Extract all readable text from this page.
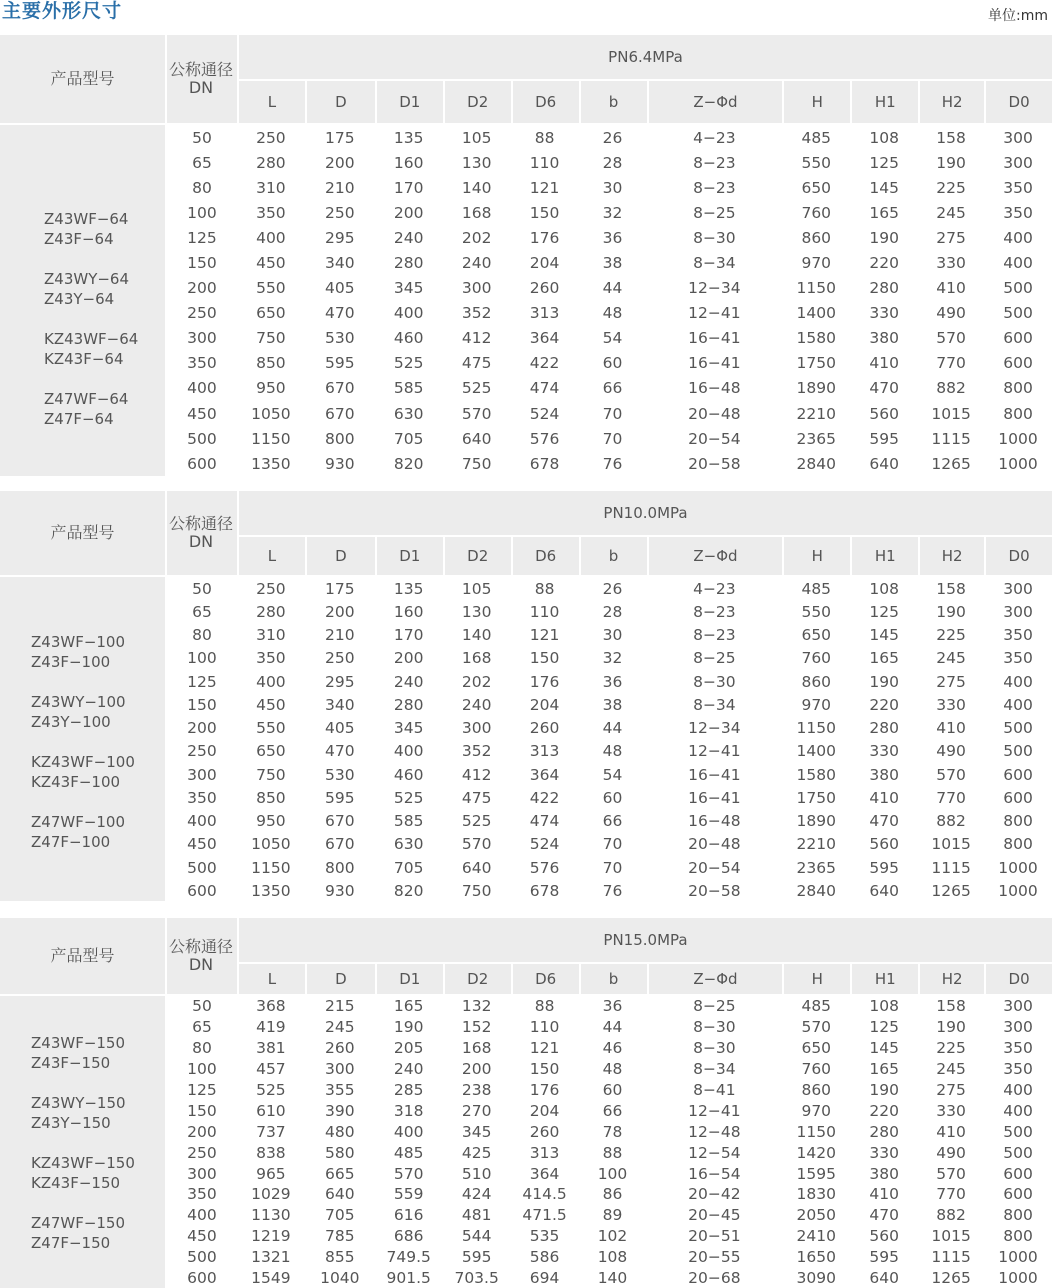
主要外形尺寸	单位:mm
产品型号	公称通径
DN
PN6.4MPa
L	D	D1	D2	D6	b	Z−Φd	H	H1	H2	D0
Z43WF−64
Z43F−64
Z43WY−64
Z43Y−64
KZ43WF−64
KZ43F−64
Z47WF−64
Z47F−64
50	250	175	135	105	88	26	4−23	485	108	158	300
65	280	200	160	130	110	28	8−23	550	125	190	300
80	310	210	170	140	121	30	8−23	650	145	225	350
100	350	250	200	168	150	32	8−25	760	165	245	350
125	400	295	240	202	176	36	8−30	860	190	275	400
150	450	340	280	240	204	38	8−34	970	220	330	400
200	550	405	345	300	260	44	12−34	1150	280	410	500
250	650	470	400	352	313	48	12−41	1400	330	490	500
300	750	530	460	412	364	54	16−41	1580	380	570	600
350	850	595	525	475	422	60	16−41	1750	410	770	600
400	950	670	585	525	474	66	16−48	1890	470	882	800
450	1050	670	630	570	524	70	20−48	2210	560	1015	800
500	1150	800	705	640	576	70	20−54	2365	595	1115	1000
600	1350	930	820	750	678	76	20−58	2840	640	1265	1000
产品型号	公称通径
DN
PN10.0MPa
L	D	D1	D2	D6	b	Z−Φd	H	H1	H2	D0
Z43WF−100
Z43F−100
Z43WY−100
Z43Y−100
KZ43WF−100
KZ43F−100
Z47WF−100
Z47F−100
50	250	175	135	105	88	26	4−23	485	108	158	300
65	280	200	160	130	110	28	8−23	550	125	190	300
80	310	210	170	140	121	30	8−23	650	145	225	350
100	350	250	200	168	150	32	8−25	760	165	245	350
125	400	295	240	202	176	36	8−30	860	190	275	400
150	450	340	280	240	204	38	8−34	970	220	330	400
200	550	405	345	300	260	44	12−34	1150	280	410	500
250	650	470	400	352	313	48	12−41	1400	330	490	500
300	750	530	460	412	364	54	16−41	1580	380	570	600
350	850	595	525	475	422	60	16−41	1750	410	770	600
400	950	670	585	525	474	66	16−48	1890	470	882	800
450	1050	670	630	570	524	70	20−48	2210	560	1015	800
500	1150	800	705	640	576	70	20−54	2365	595	1115	1000
600	1350	930	820	750	678	76	20−58	2840	640	1265	1000
产品型号	公称通径
DN
PN15.0MPa
L	D	D1	D2	D6	b	Z−Φd	H	H1	H2	D0
Z43WF−150
Z43F−150
Z43WY−150
Z43Y−150
KZ43WF−150
KZ43F−150
Z47WF−150
Z47F−150
50	368	215	165	132	88	36	8−25	485	108	158	300
65	419	245	190	152	110	44	8−30	570	125	190	300
80	381	260	205	168	121	46	8−30	650	145	225	350
100	457	300	240	200	150	48	8−34	760	165	245	350
125	525	355	285	238	176	60	8−41	860	190	275	400
150	610	390	318	270	204	66	12−41	970	220	330	400
200	737	480	400	345	260	78	12−48	1150	280	410	500
250	838	580	485	425	313	88	12−54	1420	330	490	500
300	965	665	570	510	364	100	16−54	1595	380	570	600
350	1029	640	559	424	414.5	86	20−42	1830	410	770	600
400	1130	705	616	481	471.5	89	20−45	2050	470	882	800
450	1219	785	686	544	535	102	20−51	2410	560	1015	800
500	1321	855	749.5	595	586	108	20−55	1650	595	1115	1000
600	1549	1040	901.5	703.5	694	140	20−68	3090	640	1265	1000
